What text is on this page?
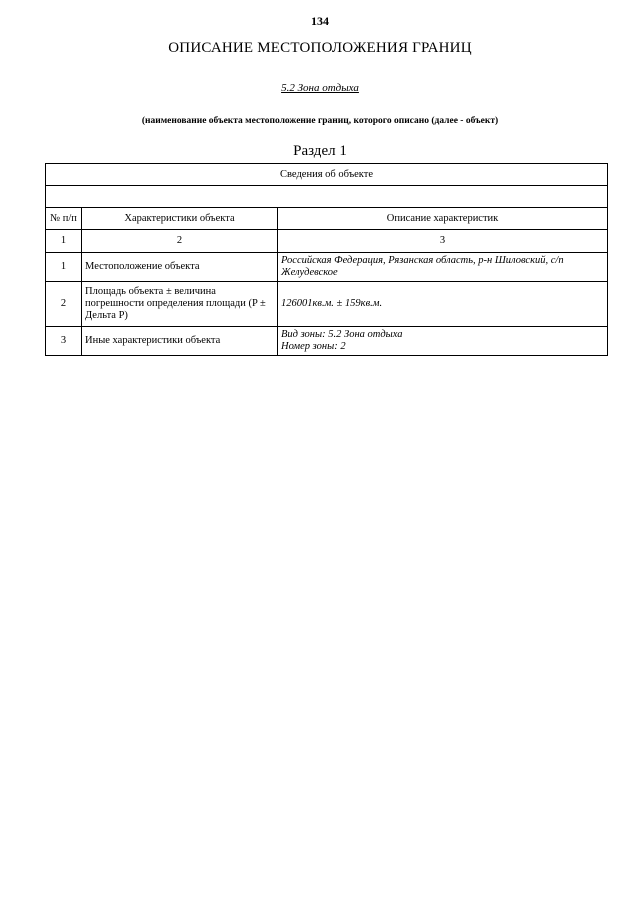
134
ОПИСАНИЕ МЕСТОПОЛОЖЕНИЯ ГРАНИЦ
5.2 Зона отдыха
(наименование объекта местоположение границ, которого описано (далее - объект)
Раздел 1
Сведения об объекте		

№ п/п	Характеристики объекта	Описание характеристик
1	2	3
1	Местоположение объекта	Российская Федерация, Рязанская область, р-н Шиловский, с/п Желудевское
2	Площадь объекта ± величина погрешности определения площади (P ± Дельта P)	126001кв.м. ± 159кв.м.
3	Иные характеристики объекта	Вид зоны: 5.2 Зона отдыха
Номер зоны: 2
